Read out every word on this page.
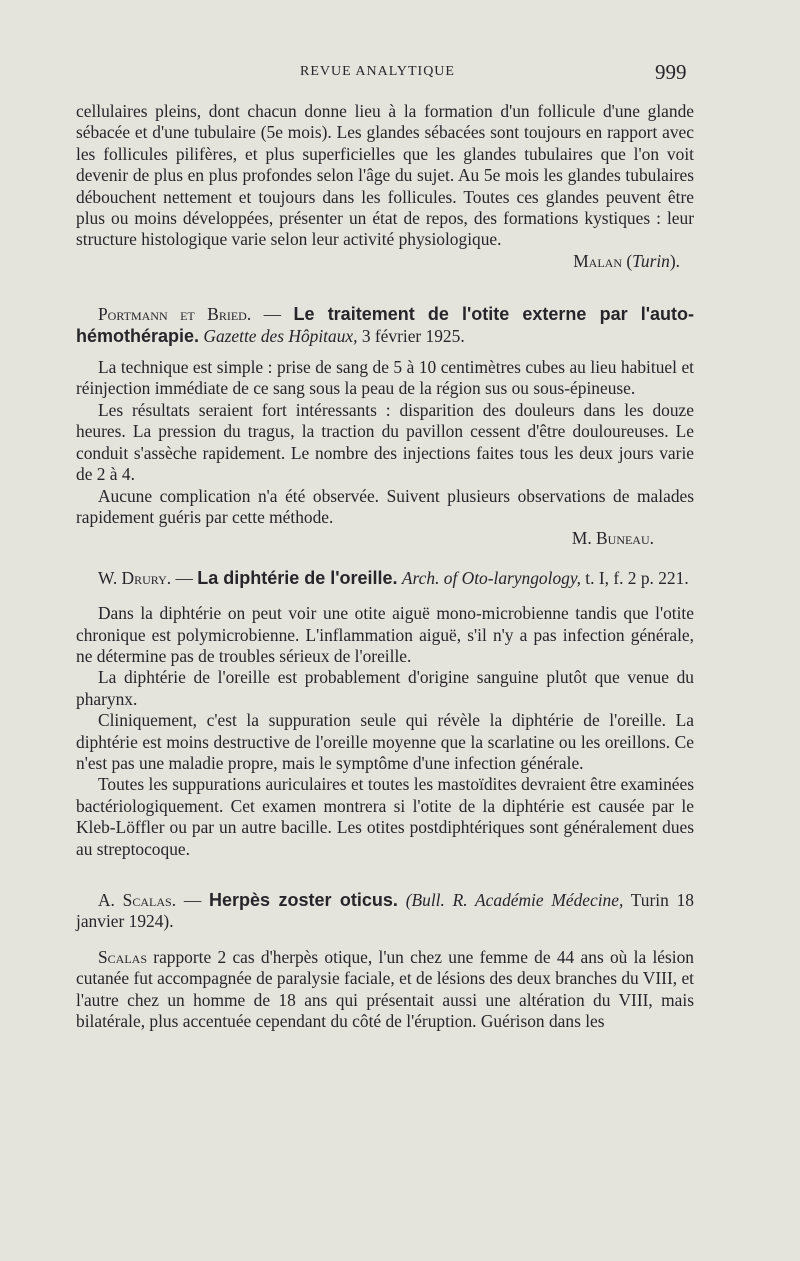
REVUE ANALYTIQUE	999

cellulaires pleins, dont chacun donne lieu à la formation d'un follicule d'une glande sébacée et d'une tubulaire (5e mois). Les glandes sébacées sont toujours en rapport avec les follicules pilifères, et plus superficielles que les glandes tubulaires que l'on voit devenir de plus en plus profondes selon l'âge du sujet. Au 5e mois les glandes tubulaires débouchent nettement et toujours dans les follicules. Toutes ces glandes peuvent être plus ou moins développées, présenter un état de repos, des formations kystiques : leur structure histologique varie selon leur activité physiologique.

Malan (Turin).

Portmann et Bried. — Le traitement de l'otite externe par l'auto-hémothérapie. Gazette des Hôpitaux, 3 février 1925.

La technique est simple : prise de sang de 5 à 10 centimètres cubes au lieu habituel et réinjection immédiate de ce sang sous la peau de la région sus ou sous-épineuse.

Les résultats seraient fort intéressants : disparition des douleurs dans les douze heures. La pression du tragus, la traction du pavillon cessent d'être douloureuses. Le conduit s'assèche rapidement. Le nombre des injections faites tous les deux jours varie de 2 à 4.

Aucune complication n'a été observée. Suivent plusieurs observations de malades rapidement guéris par cette méthode.

M. Buneau.

W. Drury. — La diphtérie de l'oreille. Arch. of Oto-laryngology, t. I, f. 2 p. 221.

Dans la diphtérie on peut voir une otite aiguë mono-microbienne tandis que l'otite chronique est polymicrobienne. L'inflammation aiguë, s'il n'y a pas infection générale, ne détermine pas de troubles sérieux de l'oreille.

La diphtérie de l'oreille est probablement d'origine sanguine plutôt que venue du pharynx.

Cliniquement, c'est la suppuration seule qui révèle la diphtérie de l'oreille. La diphtérie est moins destructive de l'oreille moyenne que la scarlatine ou les oreillons. Ce n'est pas une maladie propre, mais le symptôme d'une infection générale.

Toutes les suppurations auriculaires et toutes les mastoïdites devraient être examinées bactériologiquement. Cet examen montrera si l'otite de la diphtérie est causée par le Kleb-Löffler ou par un autre bacille. Les otites postdiphtériques sont généralement dues au streptocoque.

A. Scalas. — Herpès zoster oticus. (Bull. R. Académie Médecine, Turin 18 janvier 1924).

Scalas rapporte 2 cas d'herpès otique, l'un chez une femme de 44 ans où la lésion cutanée fut accompagnée de paralysie faciale, et de lésions des deux branches du VIII, et l'autre chez un homme de 18 ans qui présentait aussi une altération du VIII, mais bilatérale, plus accentuée cependant du côté de l'éruption. Guérison dans les
